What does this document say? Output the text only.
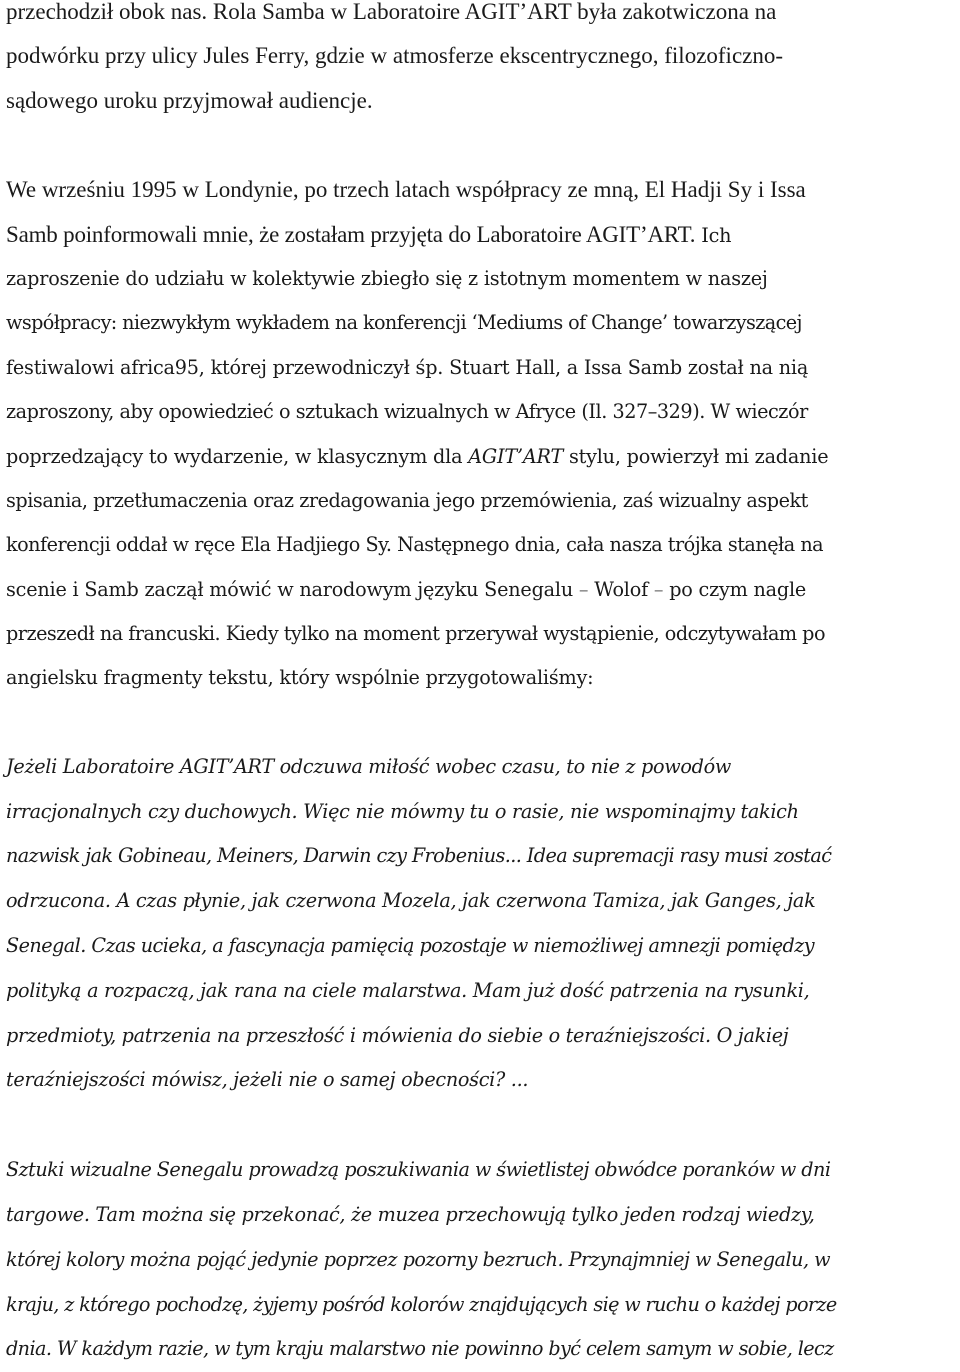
przechodził obok nas. Rola Samba w Laboratoire AGIT’ART była zakotwiczona na
podwórku przy ulicy Jules Ferry, gdzie w atmosferze ekscentrycznego, filozoficzno-
sądowego uroku przyjmował audiencje.
We wrześniu 1995 w Londynie, po trzech latach współpracy ze mną, El Hadji Sy i Issa
Samb poinformowali mnie, że zostałam przyjęta do Laboratoire AGIT’ART. Ich
zaproszenie do udziału w kolektywie zbiegło się z istotnym momentem w naszej
współpracy: niezwykłym wykładem na konferencji ‘Mediums of Change’ towarzyszącej
festiwalowi africa95, której przewodniczył śp. Stuart Hall, a Issa Samb został na nią
zaproszony, aby opowiedzieć o sztukach wizualnych w Afryce (Il. 327–329). W wieczór
poprzedzający to wydarzenie, w klasycznym dla AGIT’ART stylu, powierzył mi zadanie
spisania, przetłumaczenia oraz zredagowania jego przemówienia, zaś wizualny aspekt
konferencji oddał w ręce Ela Hadjiego Sy. Następnego dnia, cała nasza trójka stanęła na
scenie i Samb zaczął mówić w narodowym języku Senegalu – Wolof – po czym nagle
przeszedł na francuski. Kiedy tylko na moment przerywał wystąpienie, odczytywałam po
angielsku fragmenty tekstu, który wspólnie przygotowaliśmy:
Jeżeli Laboratoire AGIT’ART odczuwa miłość wobec czasu, to nie z powodów
irracjonalnych czy duchowych. Więc nie mówmy tu o rasie, nie wspominajmy takich
nazwisk jak Gobineau, Meiners, Darwin czy Frobenius... Idea supremacji rasy musi zostać
odrzucona. A czas płynie, jak czerwona Mozela, jak czerwona Tamiza, jak Ganges, jak
Senegal. Czas ucieka, a fascynacja pamięcią pozostaje w niemożliwej amnezji pomiędzy
polityką a rozpaczą, jak rana na ciele malarstwa. Mam już dość patrzenia na rysunki,
przedmioty, patrzenia na przeszłość i mówienia do siebie o teraźniejszości. O jakiej
teraźniejszości mówisz, jeżeli nie o samej obecności? ...
Sztuki wizualne Senegalu prowadzą poszukiwania w świetlistej obwódce poranków w dni
targowe. Tam można się przekonać, że muzea przechowują tylko jeden rodzaj wiedzy,
której kolory można pojąć jedynie poprzez pozorny bezruch. Przynajmniej w Senegalu, w
kraju, z którego pochodzę, żyjemy pośród kolorów znajdujących się w ruchu o każdej porze
dnia. W każdym razie, w tym kraju malarstwo nie powinno być celem samym w sobie, lecz
